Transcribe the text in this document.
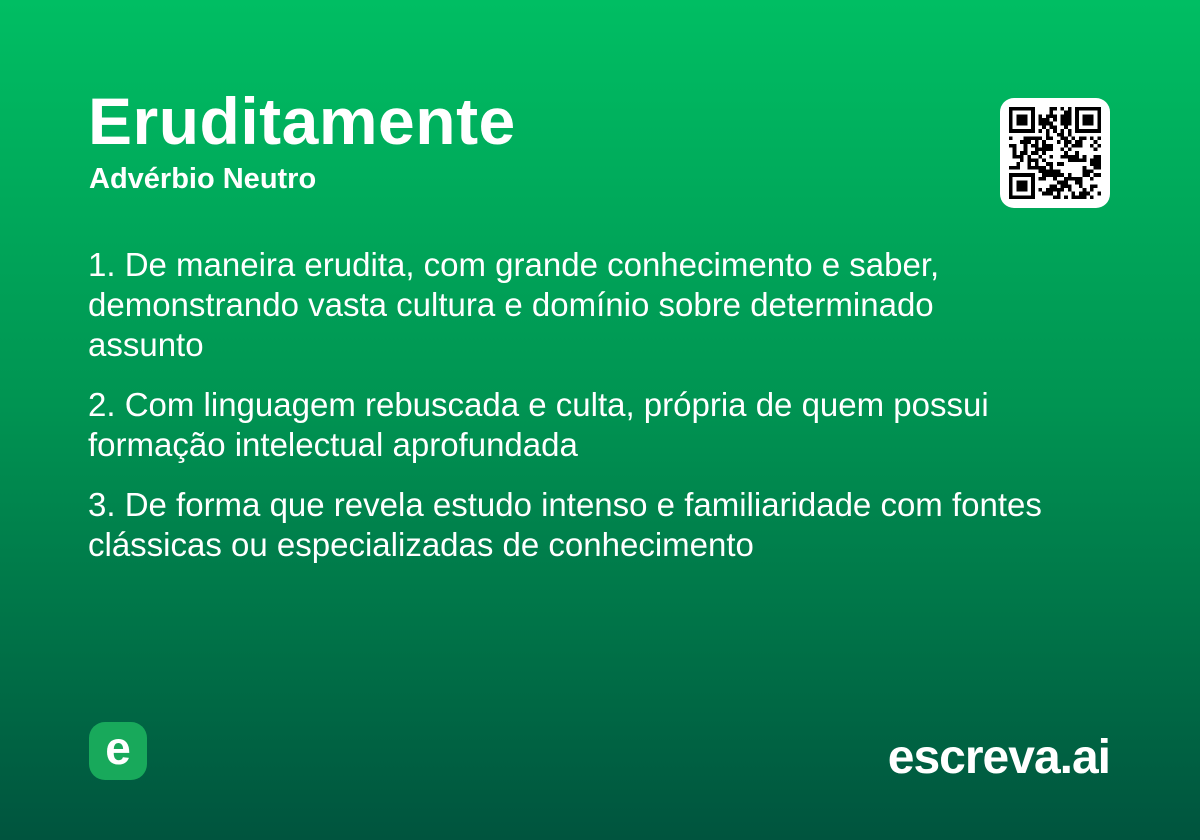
Eruditamente
Advérbio Neutro

1. De maneira erudita, com grande conhecimento e saber, demonstrando vasta cultura e domínio sobre determinado assunto

2. Com linguagem rebuscada e culta, própria de quem possui formação intelectual aprofundada

3. De forma que revela estudo intenso e familiaridade com fontes clássicas ou especializadas de conhecimento

e	escreva.ai
